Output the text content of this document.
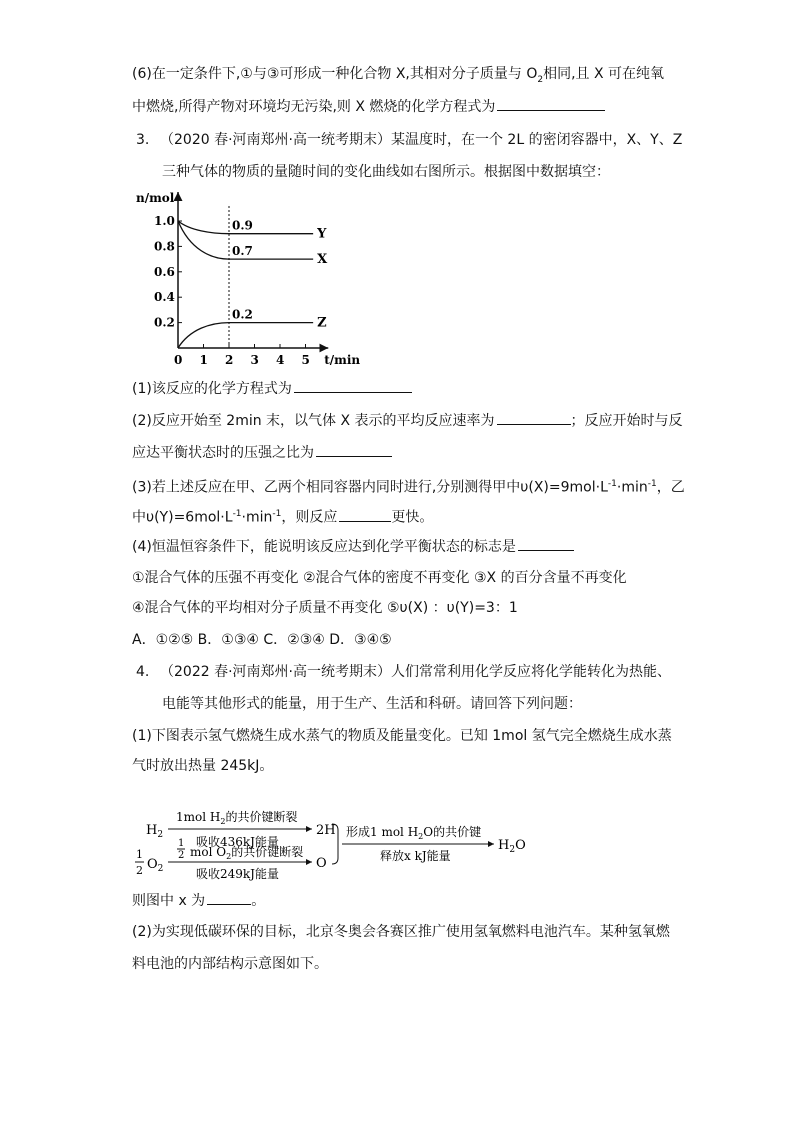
(6)在一定条件下,①与③可形成一种化合物 X,其相对分子质量与 $O_2$相同,且 X 可在纯氧
中燃烧,所得产物对环境均无污染,则 X 燃烧的化学方程式为
3. （2020 春·河南郑州·高一统考期末）某温度时，在一个 2L 的密闭容器中，X、Y、Z
三种气体的物质的量随时间的变化曲线如右图所示。根据图中数据填空：
n/mol
t/min
0 1 2 3 4 5
0.2
0.4
0.6
0.8
1.0	0.9
Y
0.7
X
0.2
Z
(1)该反应的化学方程式为
(2)反应开始至 2min 末，以气体 X 表示的平均反应速率为	；反应开始时与反
应达平衡状态时的压强之比为
(3)若上述反应在甲、乙两个相同容器内同时进行,分别测得甲中$\upsilon(X)=9mol\cdot L^{-1}\cdot\min^{-1}$，乙
中$\upsilon(Y)=6mol\cdot L^{-1}\cdot\min^{-1}$，则反应	更快。
(4)恒温恒容条件下，能说明该反应达到化学平衡状态的标志是
①混合气体的压强不再变化 ②混合气体的密度不再变化 ③X 的百分含量不再变化
④混合气体的平均相对分子质量不再变化 ⑤υ(X) ：υ(Y)=3：1
A．①②⑤ B．①③④ C．②③④ D．③④⑤
4. （2022 春·河南郑州·高一统考期末）人们常常利用化学反应将化学能转化为热能、
电能等其他形式的能量，用于生产、生活和科研。请回答下列问题：
(1)下图表示氢气燃烧生成水蒸气的物质及能量变化。已知 1mol 氢气完全燃烧生成水蒸
气时放出热量 245kJ。
$H_2$
1mol $H_2$的共价键断裂
吸收436kJ能量
2H
1
2 $O_2$
1
2 mol $O_2$的共价键断裂
吸收249kJ能量
O
形成1 mol $H_2O$的共价键
释放x kJ能量
$H_2O$
则图中 x 为	。
(2)为实现低碳环保的目标，北京冬奥会各赛区推广使用氢氧燃料电池汽车。某种氢氧燃
料电池的内部结构示意图如下。
